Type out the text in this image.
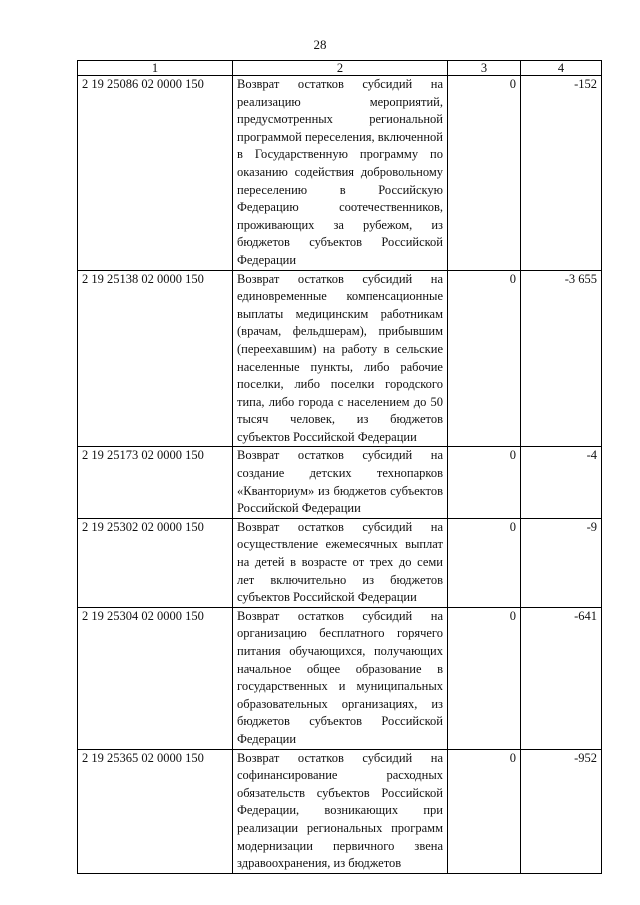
28
1	2	3	4
2 19 25086 02 0000 150	Возврат остатков субсидий на реализацию мероприятий, предусмотренных региональной программой переселения, включенной в Государственную программу по оказанию содействия добровольному переселению в Российскую Федерацию соотечественников, проживающих за рубежом, из бюджетов субъектов Российской Федерации	0	-152
2 19 25138 02 0000 150	Возврат остатков субсидий на единовременные компенсационные выплаты медицинским работникам (врачам, фельдшерам), прибывшим (переехавшим) на работу в сельские населенные пункты, либо рабочие поселки, либо поселки городского типа, либо города с населением до 50 тысяч человек, из бюджетов субъектов Российской Федерации	0	-3 655
2 19 25173 02 0000 150	Возврат остатков субсидий на создание детских технопарков «Кванториум» из бюджетов субъектов Российской Федерации	0	-4
2 19 25302 02 0000 150	Возврат остатков субсидий на осуществление ежемесячных выплат на детей в возрасте от трех до семи лет включительно из бюджетов субъектов Российской Федерации	0	-9
2 19 25304 02 0000 150	Возврат остатков субсидий на организацию бесплатного горячего питания обучающихся, получающих начальное общее образование в государственных и муниципальных образовательных организациях, из бюджетов субъектов Российской Федерации	0	-641
2 19 25365 02 0000 150	Возврат остатков субсидий на софинансирование расходных обязательств субъектов Российской Федерации, возникающих при реализации региональных программ модернизации первичного звена здравоохранения, из бюджетов	0	-952
